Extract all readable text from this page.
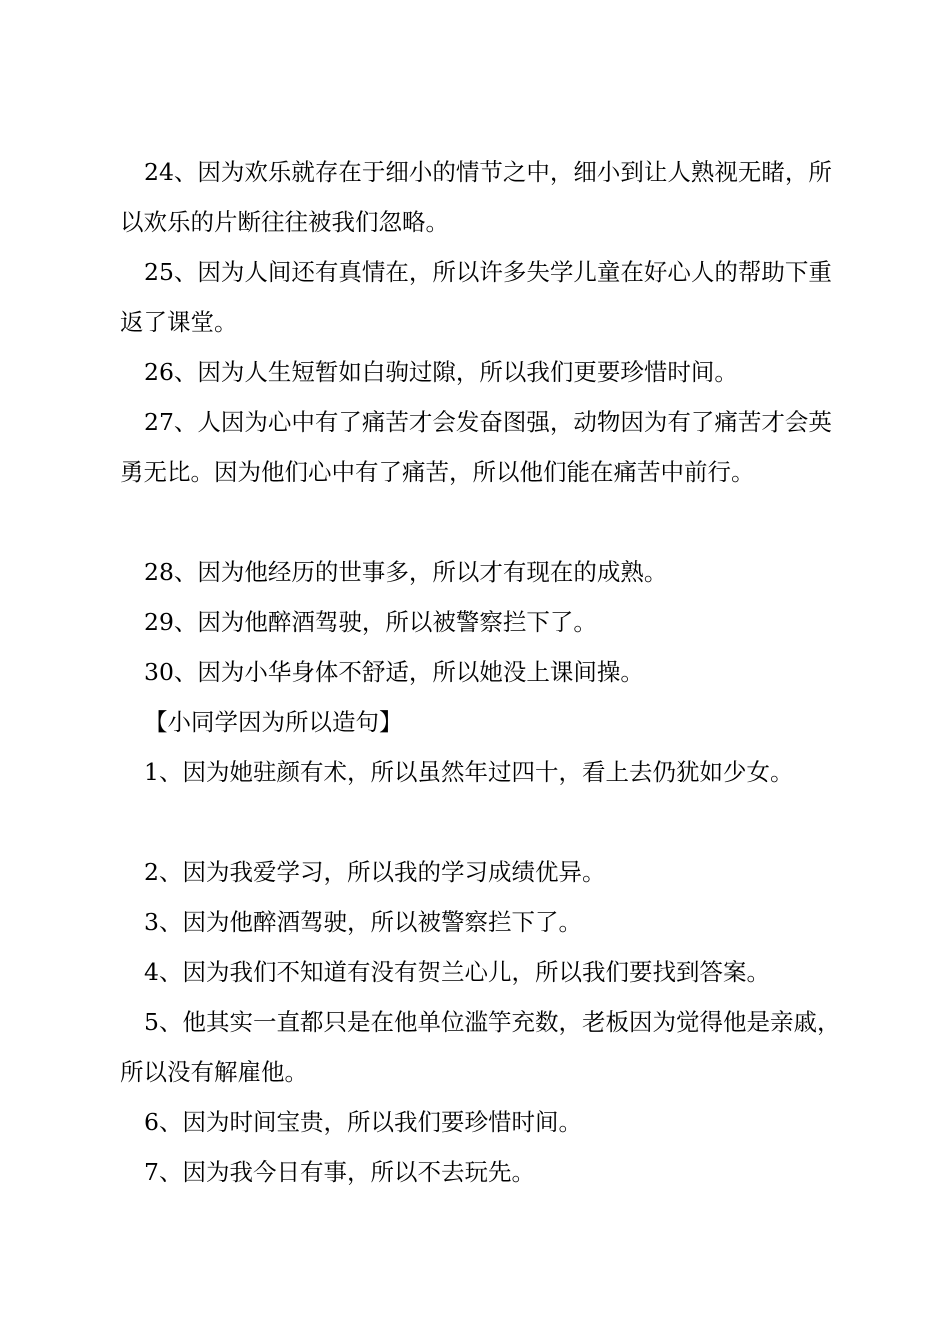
24、因为欢乐就存在于细小的情节之中，细小到让人熟视无睹，所以欢乐的片断往往被我们忽略。

25、因为人间还有真情在，所以许多失学儿童在好心人的帮助下重返了课堂。

26、因为人生短暂如白驹过隙，所以我们更要珍惜时间。

27、人因为心中有了痛苦才会发奋图强，动物因为有了痛苦才会英勇无比。因为他们心中有了痛苦，所以他们能在痛苦中前行。

28、因为他经历的世事多，所以才有现在的成熟。

29、因为他醉酒驾驶，所以被警察拦下了。

30、因为小华身体不舒适，所以她没上课间操。

【小同学因为所以造句】

1、因为她驻颜有术，所以虽然年过四十，看上去仍犹如少女。

2、因为我爱学习，所以我的学习成绩优异。

3、因为他醉酒驾驶，所以被警察拦下了。

4、因为我们不知道有没有贺兰心儿，所以我们要找到答案。

5、他其实一直都只是在他单位滥竽充数，老板因为觉得他是亲戚，所以没有解雇他。

6、因为时间宝贵，所以我们要珍惜时间。

7、因为我今日有事，所以不去玩先。
